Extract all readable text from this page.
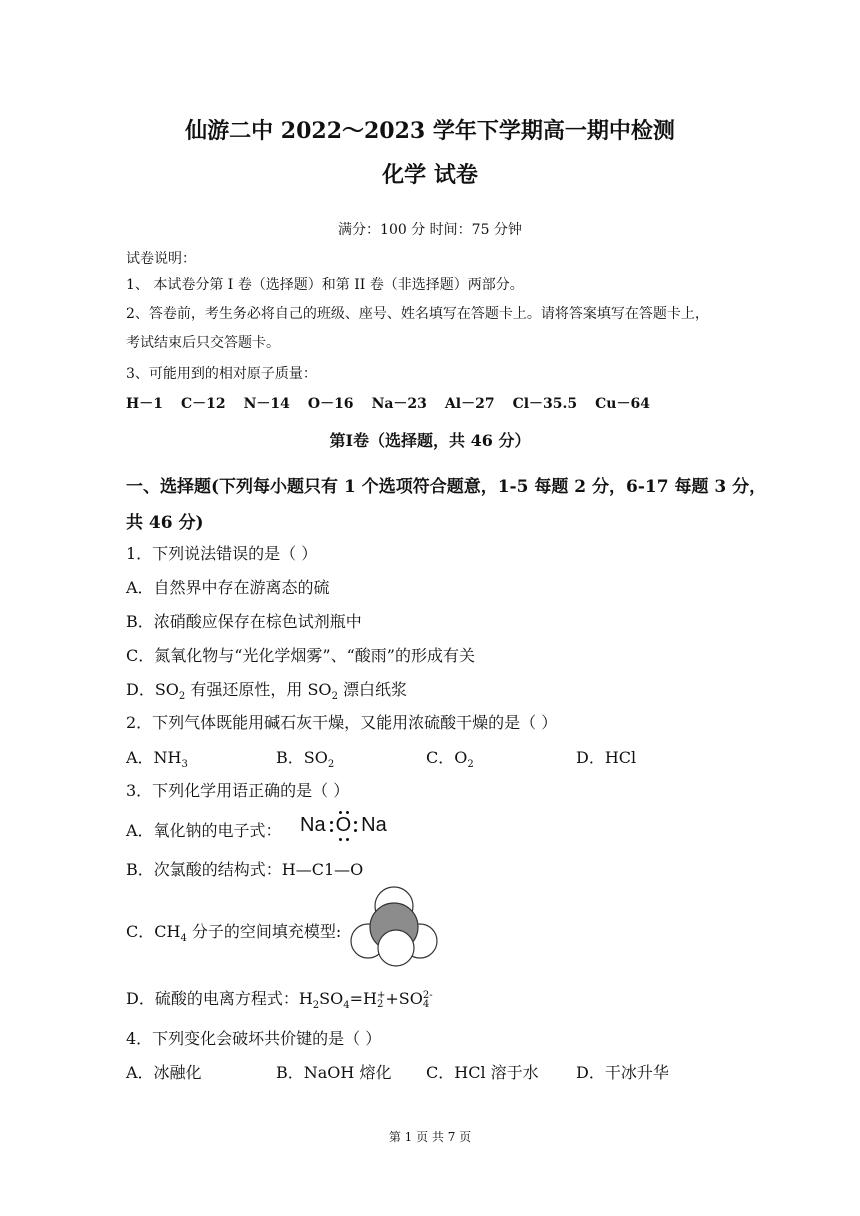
仙游二中 2022～2023 学年下学期高一期中检测
化学 试卷
满分：100 分 时间：75 分钟
试卷说明：
1、 本试卷分第 I 卷（选择题）和第 II 卷（非选择题）两部分。
2、答卷前，考生务必将自己的班级、座号、姓名填写在答题卡上。请将答案填写在答题卡上，
考试结束后只交答题卡。
3、可能用到的相对原子质量：
H－1 C－12 N－14 O－16 Na－23 Al－27 Cl－35.5 Cu－64
第Ⅰ卷（选择题，共 46 分）
一、选择题(下列每小题只有 1 个选项符合题意，1-5 每题 2 分，6-17 每题 3 分，
共 46 分)
1．下列说法错误的是（ ）
A．自然界中存在游离态的硫
B．浓硝酸应保存在棕色试剂瓶中
C．氮氧化物与“光化学烟雾”、“酸雨”的形成有关
D．$SO_2$ 有强还原性，用 $SO_2$ 漂白纸浆
2．下列气体既能用碱石灰干燥，又能用浓硫酸干燥的是（ ）
A．$NH_3$	B．$SO_2$	C．$O_2$	D．HCl
3．下列化学用语正确的是（ ）
A．氧化钠的电子式： Na O Na
B．次氯酸的结构式：H—C1—O
C．$CH_4$ 分子的空间填充模型:
D．硫酸的电离方程式：$H_2SO_4=H$ +
2 +SO 2-
4
4．下列变化会破坏共价键的是（ ）
A．冰融化	B．NaOH 熔化 C．HCl 溶于水 D．干冰升华
第 1 页 共 7 页
